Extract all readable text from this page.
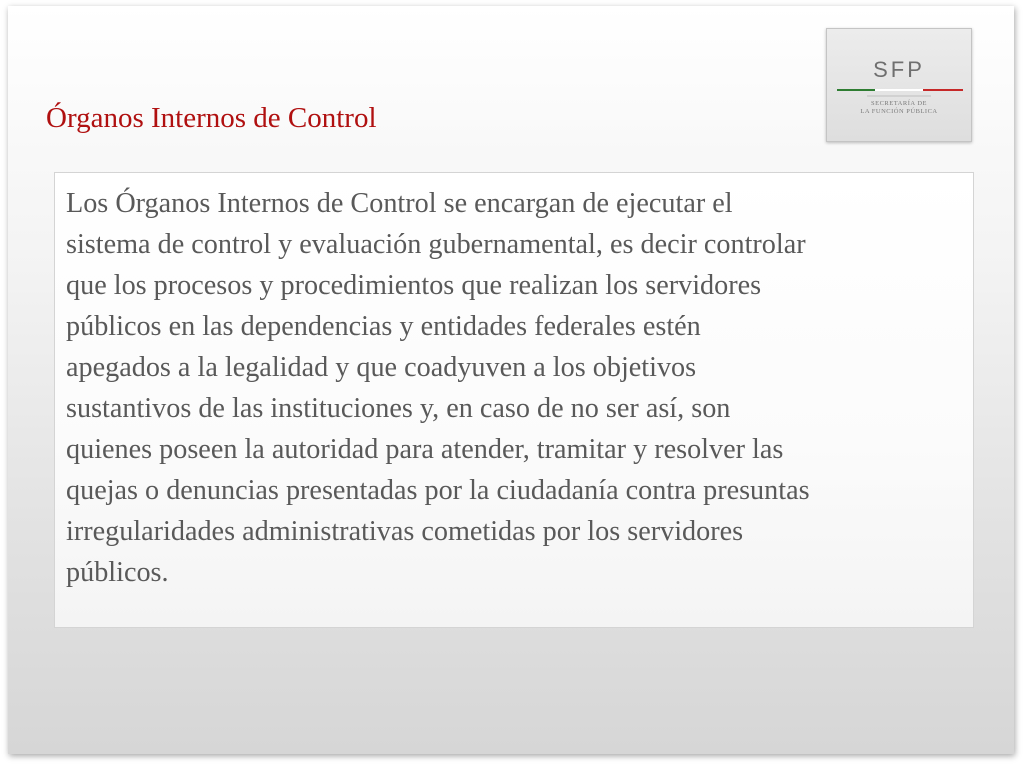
Órganos Internos de Control

SFP

SECRETARÍA DE

LA FUNCIÓN PÚBLICA

Los Órganos Internos de Control se encargan de ejecutar el
sistema de control y evaluación gubernamental, es decir controlar
que los procesos y procedimientos que realizan los servidores
públicos en las dependencias y entidades federales estén
apegados a la legalidad y que coadyuven a los objetivos
sustantivos de las instituciones y, en caso de no ser así, son
quienes poseen la autoridad para atender, tramitar y resolver las
quejas o denuncias presentadas por la ciudadanía contra presuntas
irregularidades administrativas cometidas por los servidores
públicos.
